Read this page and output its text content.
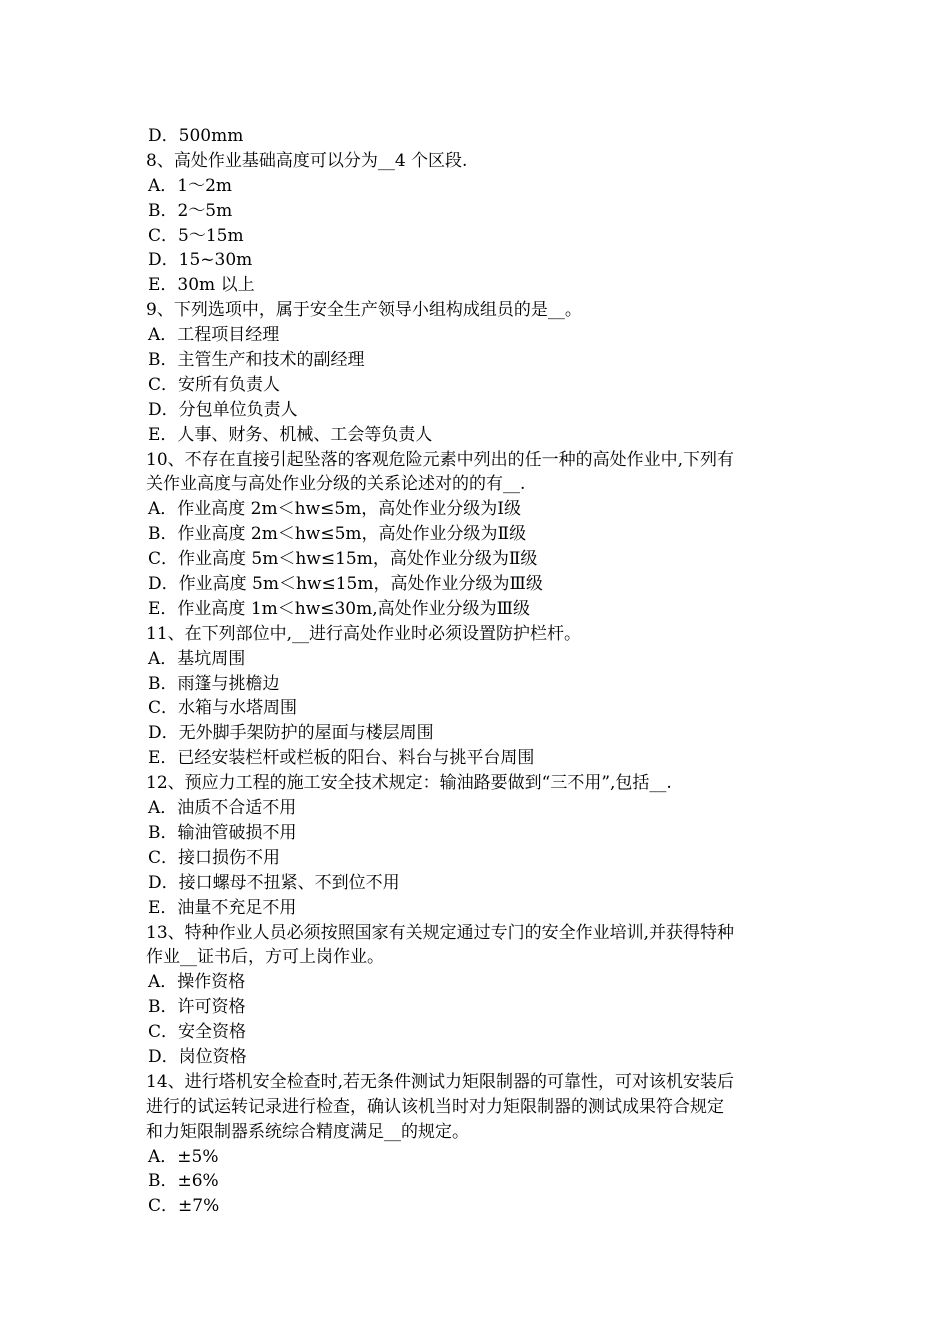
D．500mm
8、高处作业基础高度可以分为__4 个区段.
A．1～2m
B．2～5m
C．5～15m
D．15~30m
E．30m 以上
9、下列选项中，属于安全生产领导小组构成组员的是__。
A．工程项目经理
B．主管生产和技术的副经理
C．安所有负责人
D．分包单位负责人
E．人事、财务、机械、工会等负责人
10、不存在直接引起坠落的客观危险元素中列出的任一种的高处作业中,下列有
关作业高度与高处作业分级的关系论述对的的有__.
A．作业高度 2m＜hw≤5m，高处作业分级为Ⅰ级
B．作业高度 2m＜hw≤5m，高处作业分级为Ⅱ级
C．作业高度 5m＜hw≤15m，高处作业分级为Ⅱ级
D．作业高度 5m＜hw≤15m，高处作业分级为Ⅲ级
E．作业高度 1m＜hw≤30m,高处作业分级为Ⅲ级
11、在下列部位中,__进行高处作业时必须设置防护栏杆。
A．基坑周围
B．雨篷与挑檐边
C．水箱与水塔周围
D．无外脚手架防护的屋面与楼层周围
E．已经安装栏杆或栏板的阳台、料台与挑平台周围
12、预应力工程的施工安全技术规定：输油路要做到“三不用”,包括__.
A．油质不合适不用
B．输油管破损不用
C．接口损伤不用
D．接口螺母不扭紧、不到位不用
E．油量不充足不用
13、特种作业人员必须按照国家有关规定通过专门的安全作业培训,并获得特种
作业__证书后，方可上岗作业。
A．操作资格
B．许可资格
C．安全资格
D．岗位资格
14、进行塔机安全检查时,若无条件测试力矩限制器的可靠性，可对该机安装后
进行的试运转记录进行检查，确认该机当时对力矩限制器的测试成果符合规定
和力矩限制器系统综合精度满足__的规定。
A．±5%
B．±6%
C．±7%
